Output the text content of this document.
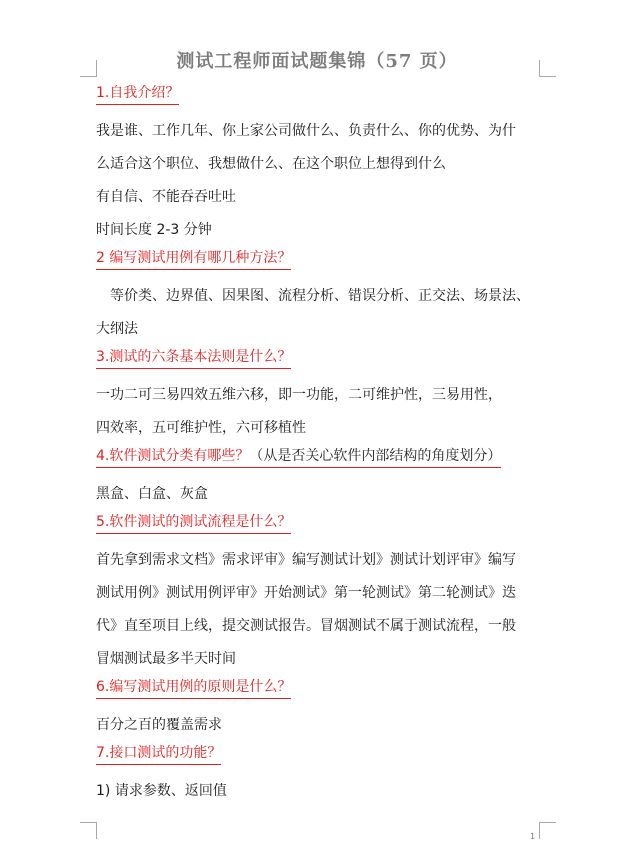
测试工程师面试题集锦（57 页）
1.自我介绍？
我是谁、工作几年、你上家公司做什么、负责什么、你的优势、为什
么适合这个职位、我想做什么、在这个职位上想得到什么
有自信、不能吞吞吐吐
时间长度 2-3 分钟
2 编写测试用例有哪几种方法？
　等价类、边界值、因果图、流程分析、错误分析、正交法、场景法、
大纲法
3.测试的六条基本法则是什么？
一功二可三易四效五维六移，即一功能，二可维护性，三易用性，
四效率，五可维护性，六可移植性
4.软件测试分类有哪些？（从是否关心软件内部结构的角度划分）
黑盒、白盒、灰盒
5.软件测试的测试流程是什么？
首先拿到需求文档》需求评审》编写测试计划》测试计划评审》编写
测试用例》测试用例评审》开始测试》第一轮测试》第二轮测试》迭
代》直至项目上线，提交测试报告。冒烟测试不属于测试流程，一般
冒烟测试最多半天时间
6.编写测试用例的原则是什么？
百分之百的覆盖需求
7.接口测试的功能？
1) 请求参数、返回值
1
